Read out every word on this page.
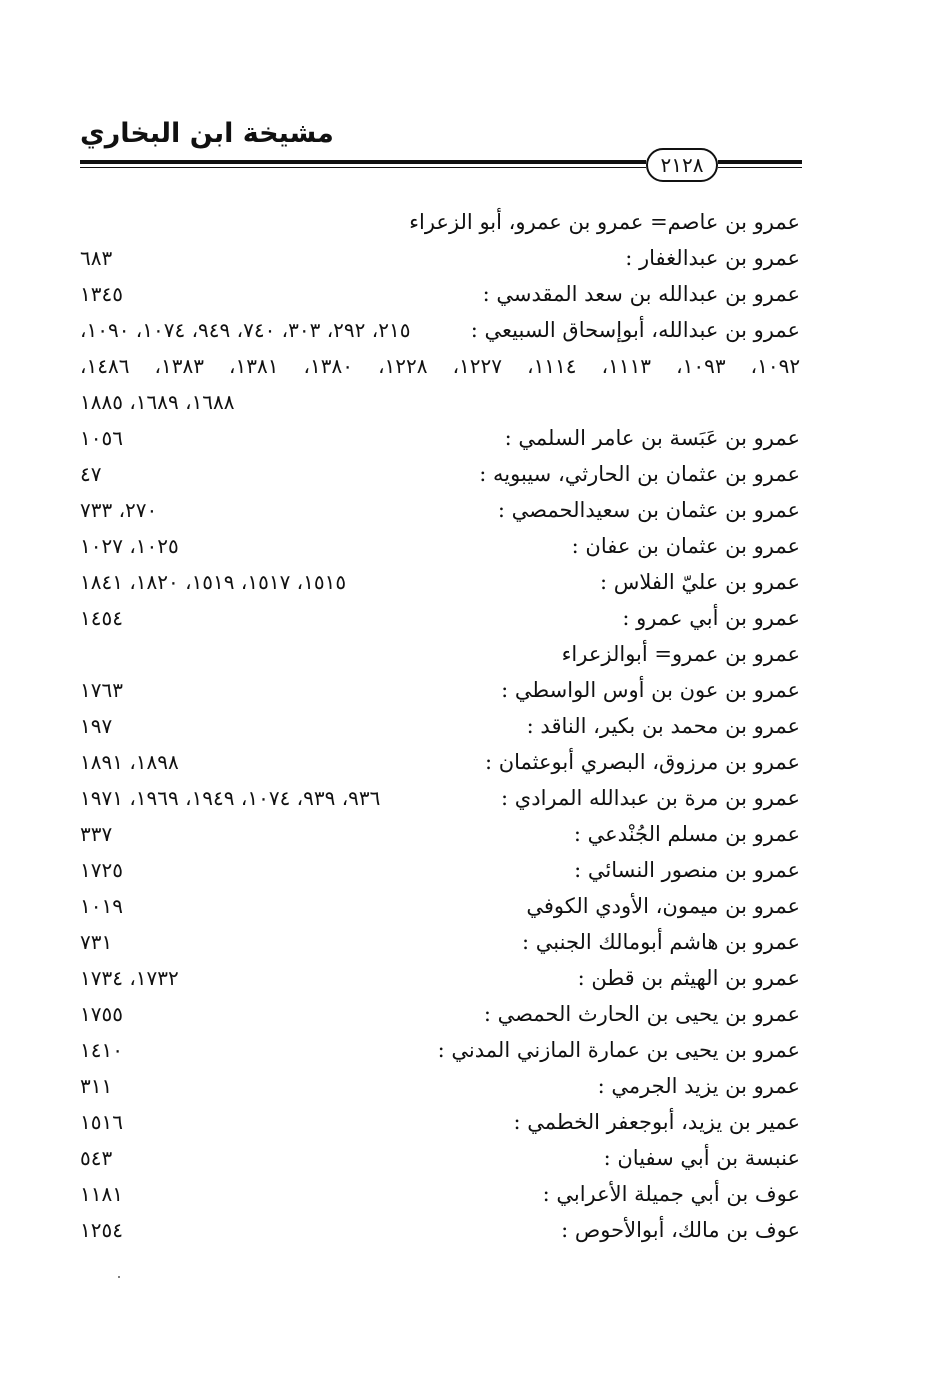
مشيخة ابن البخاري
٢١٢٨
عمرو بن عاصم= عمرو بن عمرو، أبو الزعراء
عمرو بن عبدالغفار :
٦٨٣
عمرو بن عبدالله بن سعد المقدسي :
١٣٤٥
عمرو بن عبدالله، أبوإسحاق السبيعي :
٢١٥، ٢٩٢، ٣٠٣، ٧٤٠، ٩٤٩، ١٠٧٤، ١٠٩٠،
١٠٩٢، ١٠٩٣، ١١١٣، ١١١٤، ١٢٢٧، ١٢٢٨، ١٣٨٠، ١٣٨١، ١٣٨٣، ١٤٨٦،
١٦٨٨، ١٦٨٩، ١٨٨٥
عمرو بن عَبَسة بن عامر السلمي :
١٠٥٦
عمرو بن عثمان بن الحارثي، سيبويه :
٤٧
عمرو بن عثمان بن سعيدالحمصي :
٢٧٠، ٧٣٣
عمرو بن عثمان بن عفان :
١٠٢٥، ١٠٢٧
عمرو بن عليّ الفلاس :
١٥١٥، ١٥١٧، ١٥١٩، ١٨٢٠، ١٨٤١
عمرو بن أبي عمرو :
١٤٥٤
عمرو بن عمرو= أبوالزعراء
عمرو بن عون بن أوس الواسطي :
١٧٦٣
عمرو بن محمد بن بكير، الناقد :
١٩٧
عمرو بن مرزوق، البصري أبوعثمان :
١٨٩٨، ١٨٩١
عمرو بن مرة بن عبدالله المرادي :
٩٣٦، ٩٣٩، ١٠٧٤، ١٩٤٩، ١٩٦٩، ١٩٧١
عمرو بن مسلم الجُنْدعي :
٣٣٧
عمرو بن منصور النسائي :
١٧٢٥
عمرو بن ميمون، الأودي الكوفي
١٠١٩
عمرو بن هاشم أبومالك الجنبي :
٧٣١
عمرو بن الهيثم بن قطن :
١٧٣٢، ١٧٣٤
عمرو بن يحيى بن الحارث الحمصي :
١٧٥٥
عمرو بن يحيى بن عمارة المازني المدني :
١٤١٠
عمرو بن يزيد الجرمي :
٣١١
عمير بن يزيد، أبوجعفر الخطمي :
١٥١٦
عنبسة بن أبي سفيان :
٥٤٣
عوف بن أبي جميلة الأعرابي :
١١٨١
عوف بن مالك، أبوالأحوص :
١٢٥٤
